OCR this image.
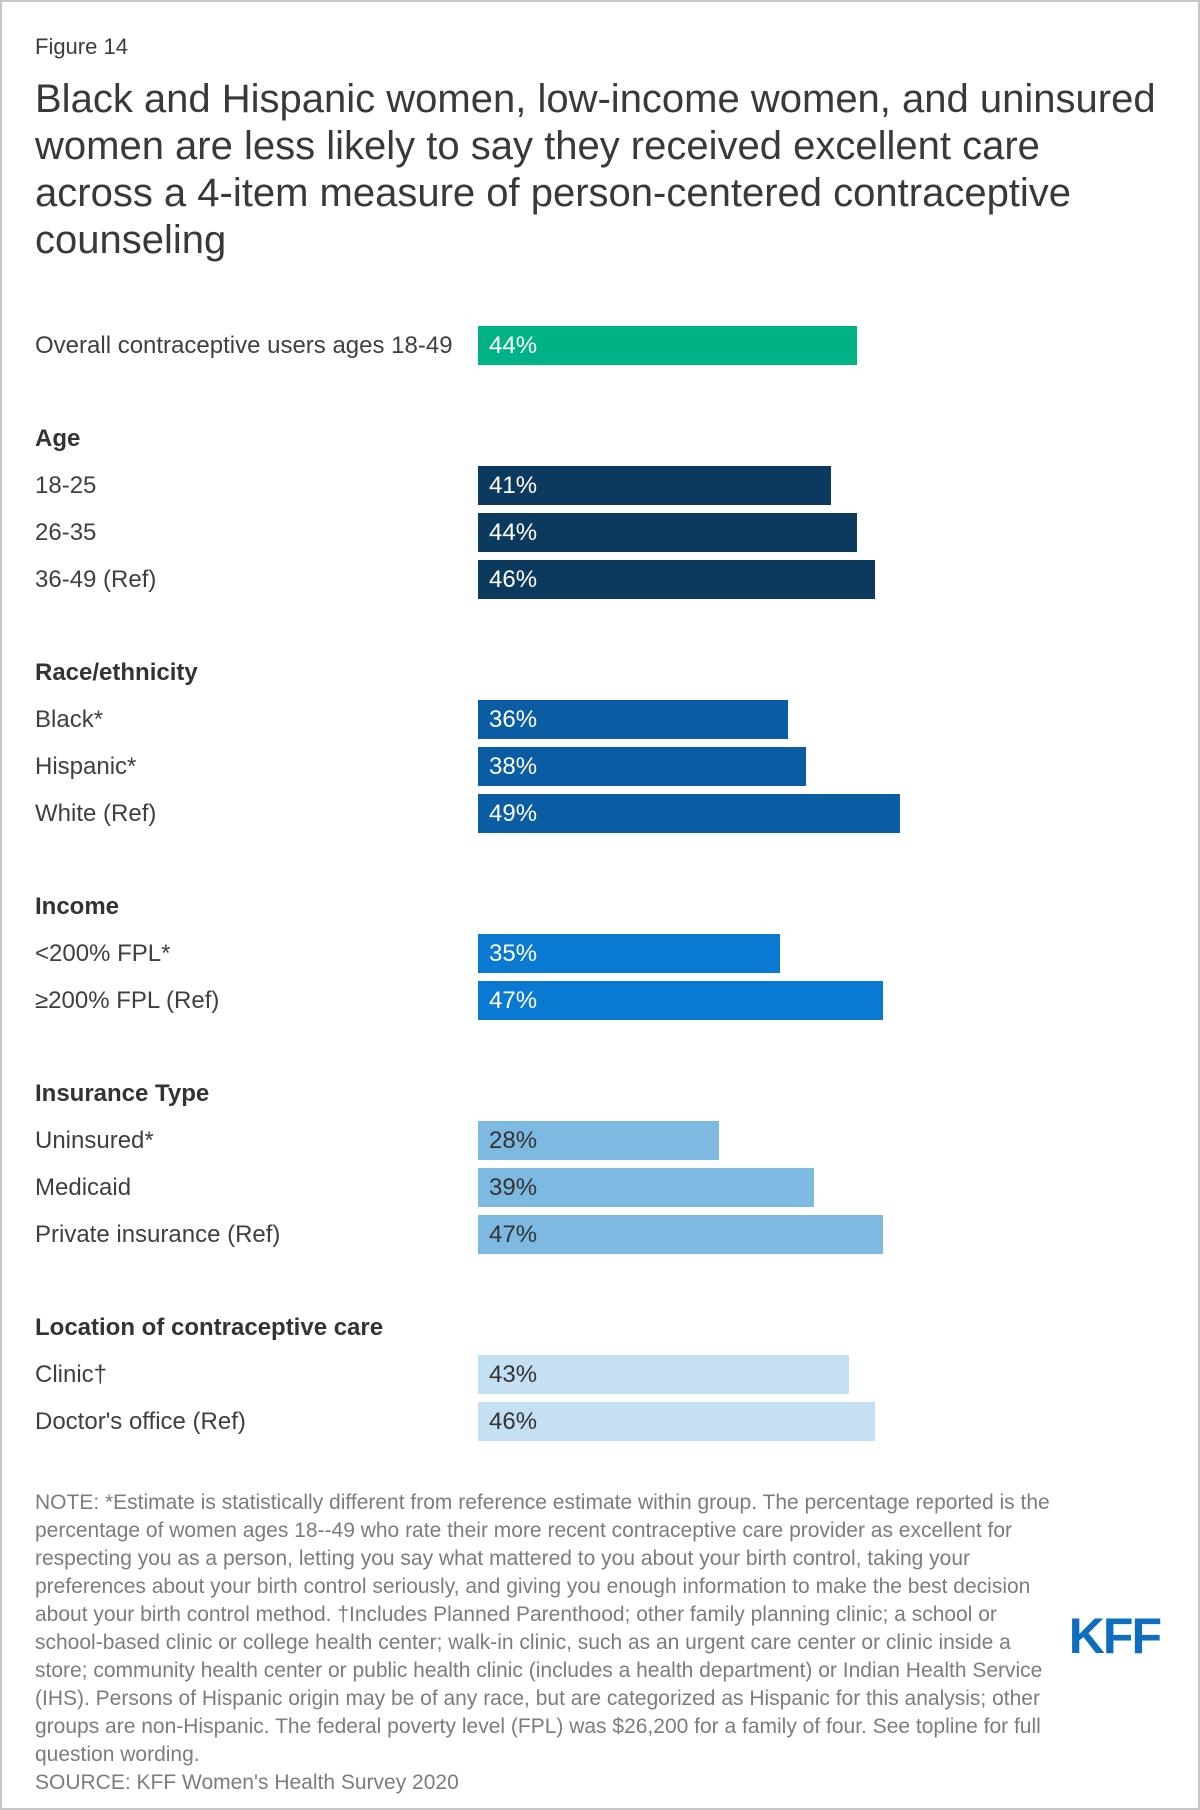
Figure 14
Black and Hispanic women, low-income women, and uninsured women are less likely to say they received excellent care across a 4-item measure of person-centered contraceptive counseling
Overall contraceptive users ages 18-49	44%
Age
18-25	41%
26-35	44%
36-49 (Ref)	46%
Race/ethnicity
Black*	36%
Hispanic*	38%
White (Ref)	49%
Income
<200% FPL*	35%
≥200% FPL (Ref)	47%
Insurance Type
Uninsured*	28%
Medicaid	39%
Private insurance (Ref)	47%
Location of contraceptive care
Clinic†	43%
Doctor's office (Ref)	46%
NOTE: *Estimate is statistically different from reference estimate within group. The percentage reported is the percentage of women ages 18--49 who rate their more recent contraceptive care provider as excellent for respecting you as a person, letting you say what mattered to you about your birth control, taking your preferences about your birth control seriously, and giving you enough information to make the best decision about your birth control method. †Includes Planned Parenthood; other family planning clinic; a school or school-based clinic or college health center; walk-in clinic, such as an urgent care center or clinic inside a store; community health center or public health clinic (includes a health department) or Indian Health Service (IHS). Persons of Hispanic origin may be of any race, but are categorized as Hispanic for this analysis; other groups are non-Hispanic. The federal poverty level (FPL) was $26,200 for a family of four. See topline for full question wording.
SOURCE: KFF Women's Health Survey 2020
KFF
